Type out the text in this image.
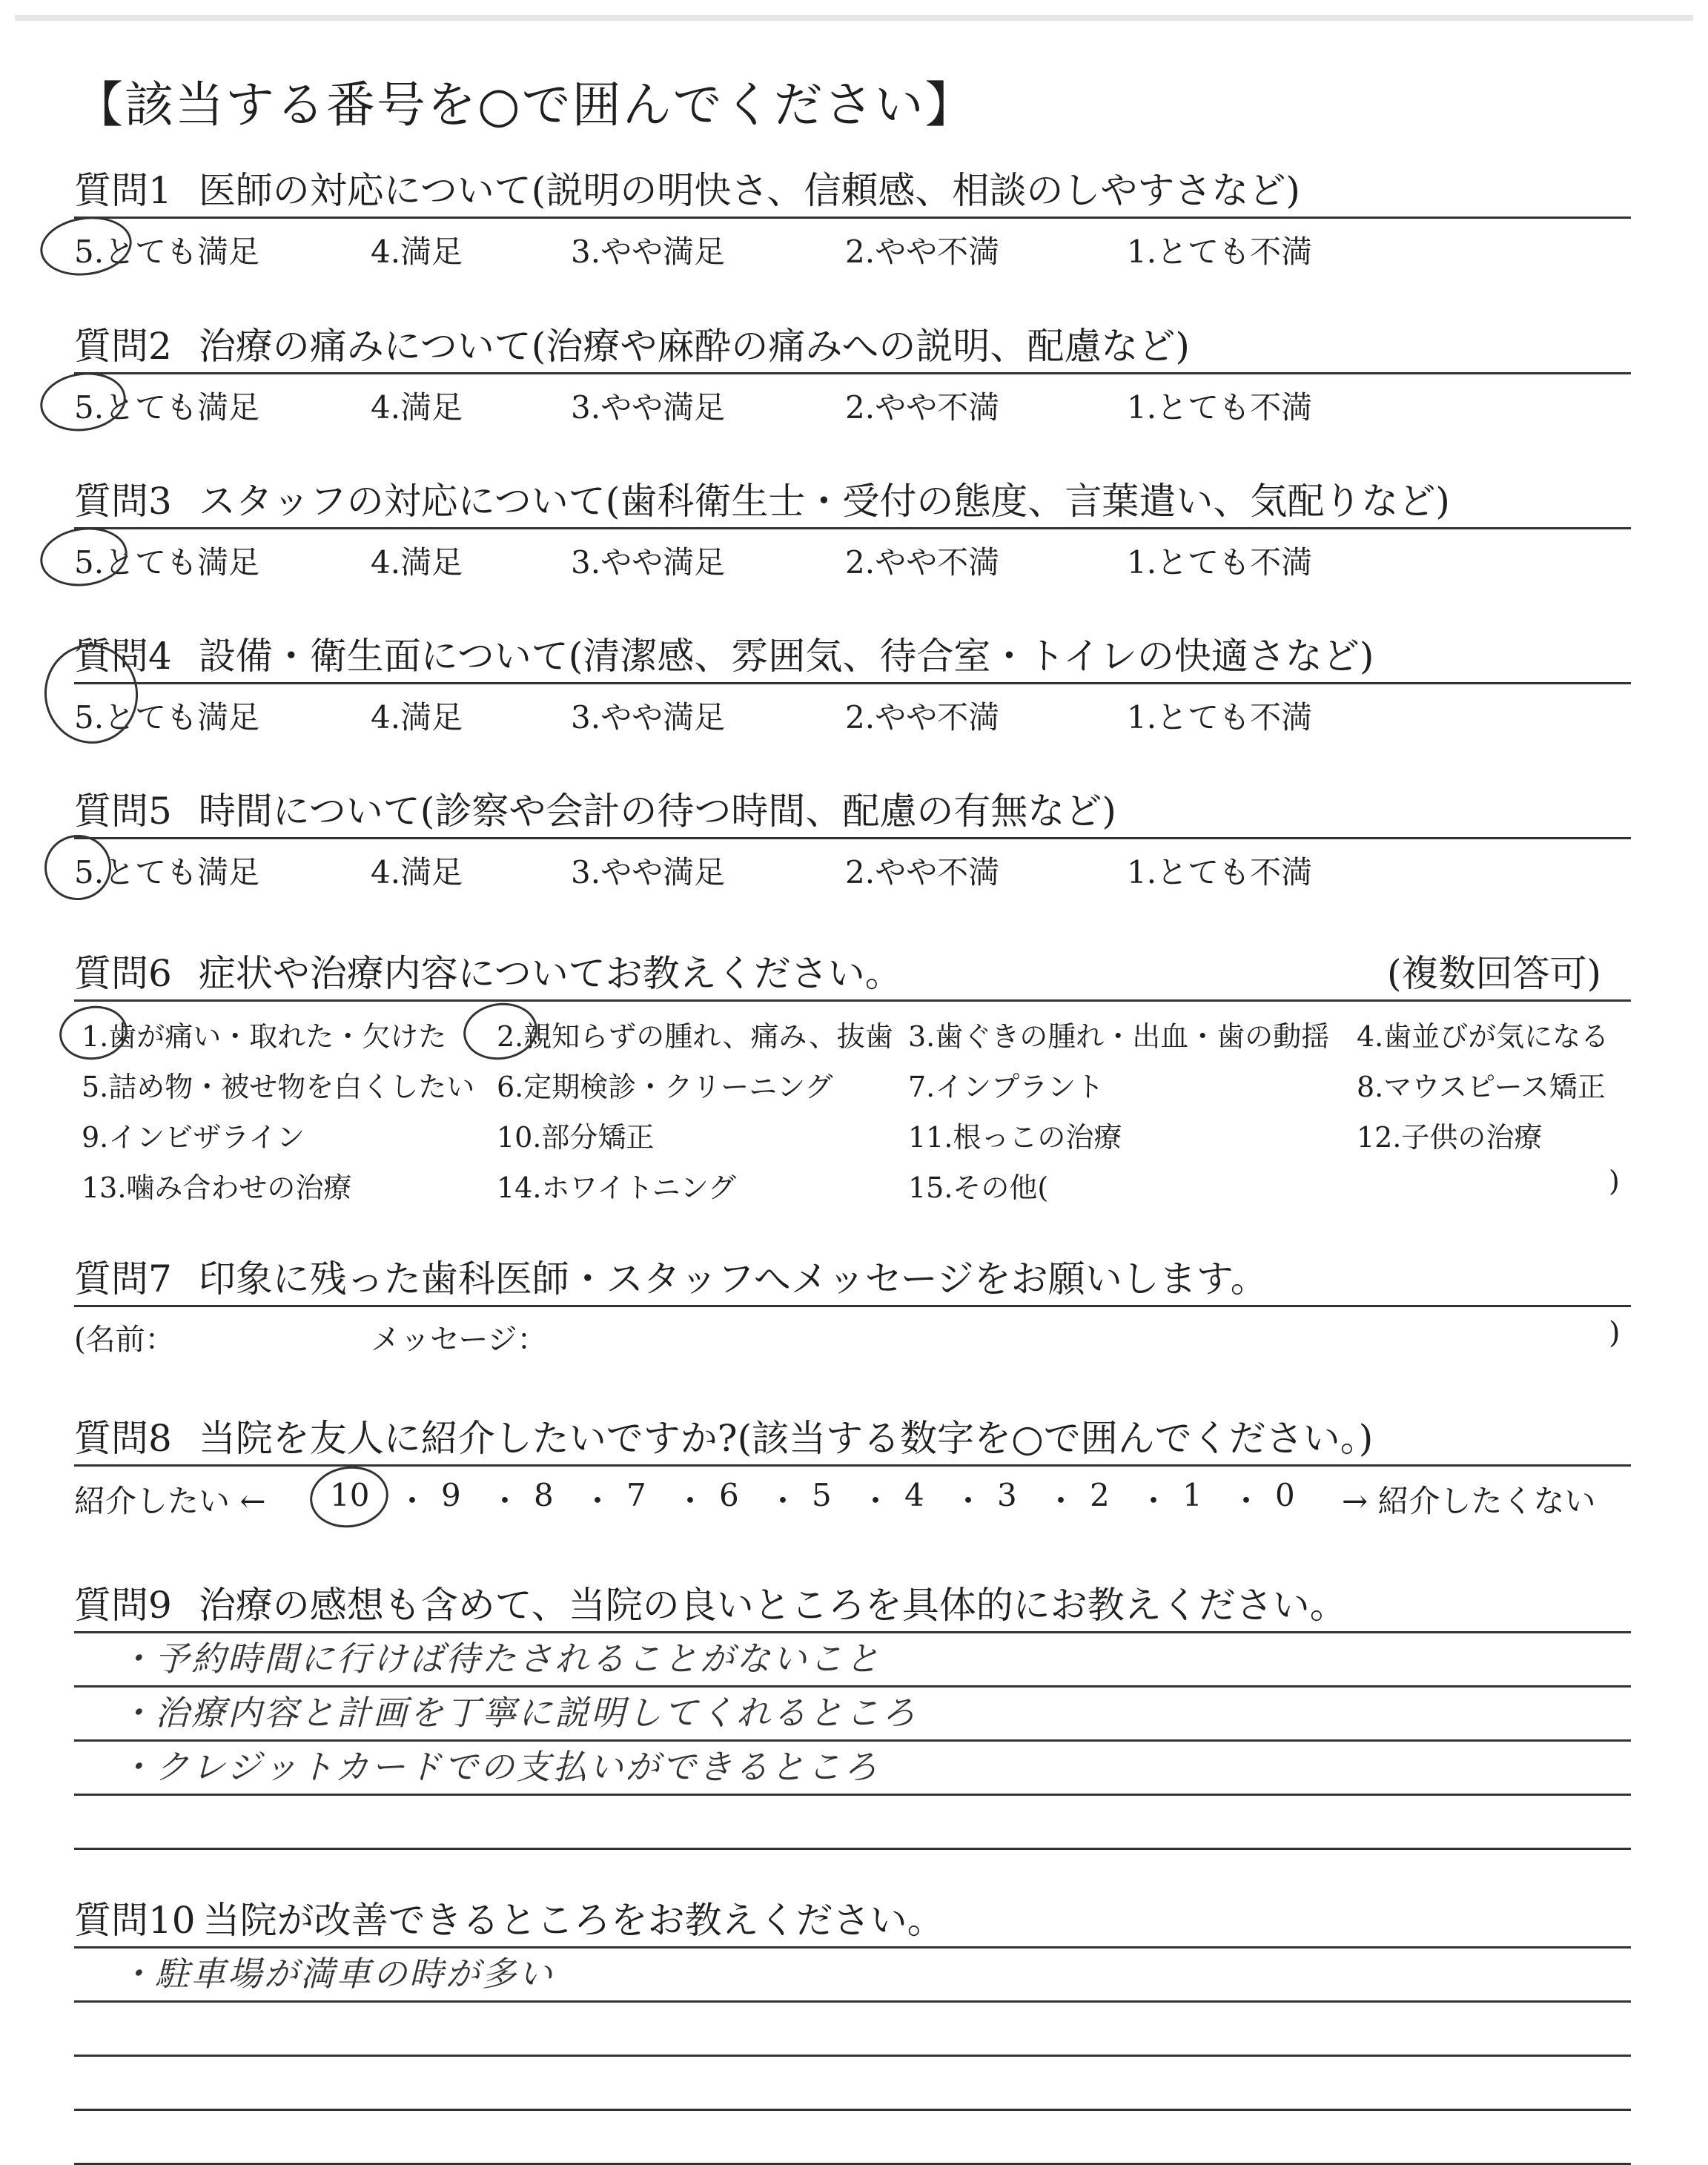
【該当する番号を○で囲んでください】
質問1 医師の対応について(説明の明快さ、信頼感、相談のしやすさなど)
5.とても満足	4.満足	3.やや満足	2.やや不満	1.とても不満
質問2 治療の痛みについて(治療や麻酔の痛みへの説明、配慮など)
5.とても満足	4.満足	3.やや満足	2.やや不満	1.とても不満
質問3 スタッフの対応について(歯科衛生士・受付の態度、言葉遣い、気配りなど)
5.とても満足	4.満足	3.やや満足	2.やや不満	1.とても不満
質問4 設備・衛生面について(清潔感、雰囲気、待合室・トイレの快適さなど)
5.とても満足	4.満足	3.やや満足	2.やや不満	1.とても不満
質問5 時間について(診察や会計の待つ時間、配慮の有無など)
5.とても満足	4.満足	3.やや満足	2.やや不満	1.とても不満
質問6 症状や治療内容についてお教えください。	(複数回答可)
1.歯が痛い・取れた・欠けた 2.親知らずの腫れ、痛み、抜歯 3.歯ぐきの腫れ・出血・歯の動揺 4.歯並びが気になる
5.詰め物・被せ物を白くしたい 6.定期検診・クリーニング	7.インプラント	8.マウスピース矯正
9.インビザライン	10.部分矯正	11.根っこの治療	12.子供の治療
13.噛み合わせの治療	14.ホワイトニング	15.その他(	)
質問7 印象に残った歯科医師・スタッフへメッセージをお願いします。
(名前：	メッセージ：	)
質問8 当院を友人に紹介したいですか?(該当する数字を○で囲んでください。)
紹介したい ← 10 ・ 9 ・ 8 ・ 7 ・ 6 ・ 5 ・ 4 ・ 3 ・ 2 ・ 1 ・ 0 → 紹介したくない
質問9 治療の感想も含めて、当院の良いところを具体的にお教えください。
・予約時間に行けば待たされることがないこと
・治療内容と計画を丁寧に説明してくれるところ
・クレジットカードでの支払いができるところ
質問10 当院が改善できるところをお教えください。
・駐車場が満車の時が多い
